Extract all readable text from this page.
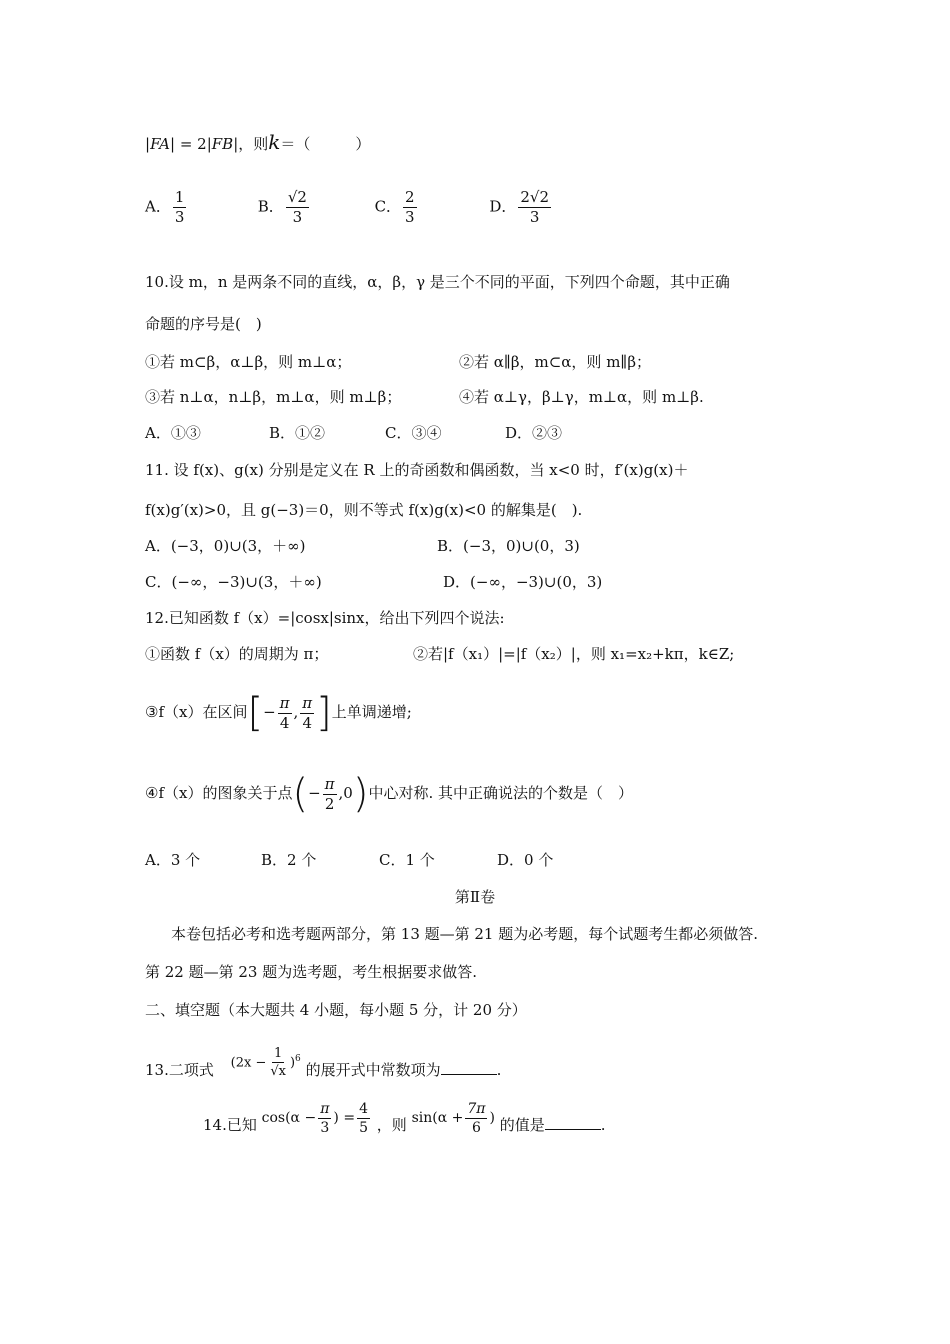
|FA| = 2|FB|，则k＝（　　　）
A． $\frac{1}{3}$	B． $\frac{√2}{3}$	C． $\frac{2}{3}$	D． $\frac{2√2}{3}$
10.设 m，n 是两条不同的直线，α，β，γ 是三个不同的平面，下列四个命题，其中正确
命题的序号是(　)
①若 m⊂β，α⊥β，则 m⊥α；	②若 α∥β，m⊂α，则 m∥β；
③若 n⊥α，n⊥β，m⊥α，则 m⊥β；	④若 α⊥γ，β⊥γ，m⊥α，则 m⊥β.
A．①③	B．①②	C．③④	D．②③
11. 设 f(x)、g(x) 分别是定义在 R 上的奇函数和偶函数，当 x<0 时，f′(x)g(x)＋
f(x)g′(x)>0，且 g(−3)＝0，则不等式 f(x)g(x)<0 的解集是(　).
A．(−3，0)∪(3，＋∞)	B．(−3，0)∪(0，3)
C．(−∞，−3)∪(3，＋∞)	D．(−∞，−3)∪(0，3)
12.已知函数 f（x）=|cosx|sinx，给出下列四个说法:
①函数 f（x）的周期为 π；	②若|f（x₁）|=|f（x₂）|，则 x₁=x₂+kπ，k∈Z;
③f（x）在区间[− $\frac{\pi}{4}$ , $\frac{\pi}{4}$ ]上单调递增;
④f（x）的图象关于点(− $\frac{\pi}{2} ,0$)中心对称. 其中正确说法的个数是（　）
A．3 个	B．2 个	C．1 个	D．0 个
第Ⅱ卷
本卷包括必考和选考题两部分，第 13 题—第 21 题为必考题，每个试题考生都必须做答.
第 22 题—第 23 题为选考题，考生根据要求做答.
二、填空题（本大题共 4 小题，每小题 5 分，计 20 分）
13.二项式 $(2x - \frac{1}{√x} )^6$ 的展开式中常数项为	.
14.已知 $\cos(\alpha - \frac{\pi}{3}$ ) = $\frac{4}{5}$ ，则 $\sin(\alpha + \frac{7\pi}{6}$ ) 的值是	.
